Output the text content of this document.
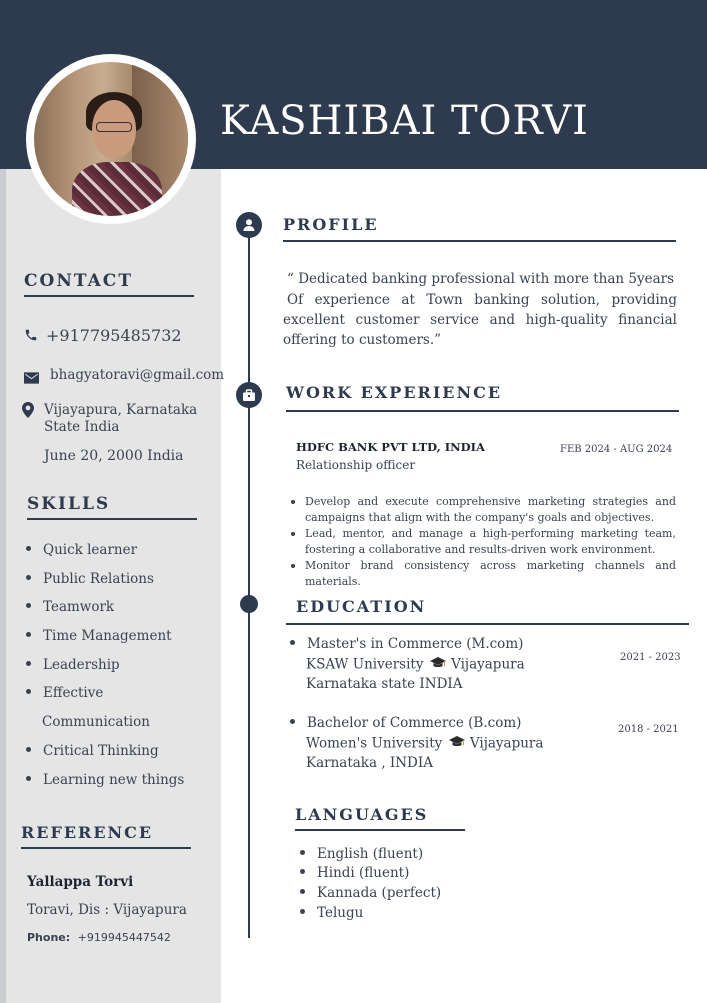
KASHIBAI TORVI
CONTACT
+917795485732
bhagyatoravi@gmail.com
Vijayapura, Karnataka
State India
June 20, 2000 India
SKILLS
Quick learner
Public Relations
Teamwork
Time Management
Leadership
Effective
Communication
Critical Thinking
Learning new things
REFERENCE
Yallappa Torvi
Toravi, Dis : Vijayapura
Phone: +919945447542
PROFILE
“ Dedicated banking professional with more than 5years
Of experience at Town banking solution, providing excellent customer service and high-quality financial offering to customers.”
WORK EXPERIENCE
HDFC BANK PVT LTD, INDIA	FEB 2024 - AUG 2024
Relationship officer
Develop and execute comprehensive marketing strategies and campaigns that align with the company's goals and objectives.
Lead, mentor, and manage a high-performing marketing team, fostering a collaborative and results-driven work environment.
Monitor brand consistency across marketing channels and materials.
EDUCATION
Master's in Commerce (M.com)
KSAW University Vijayapura
Karnataka state INDIA
2021 - 2023
Bachelor of Commerce (B.com)
Women's University Vijayapura
Karnataka , INDIA
2018 - 2021
LANGUAGES
English (fluent)
Hindi (fluent)
Kannada (perfect)
Telugu
